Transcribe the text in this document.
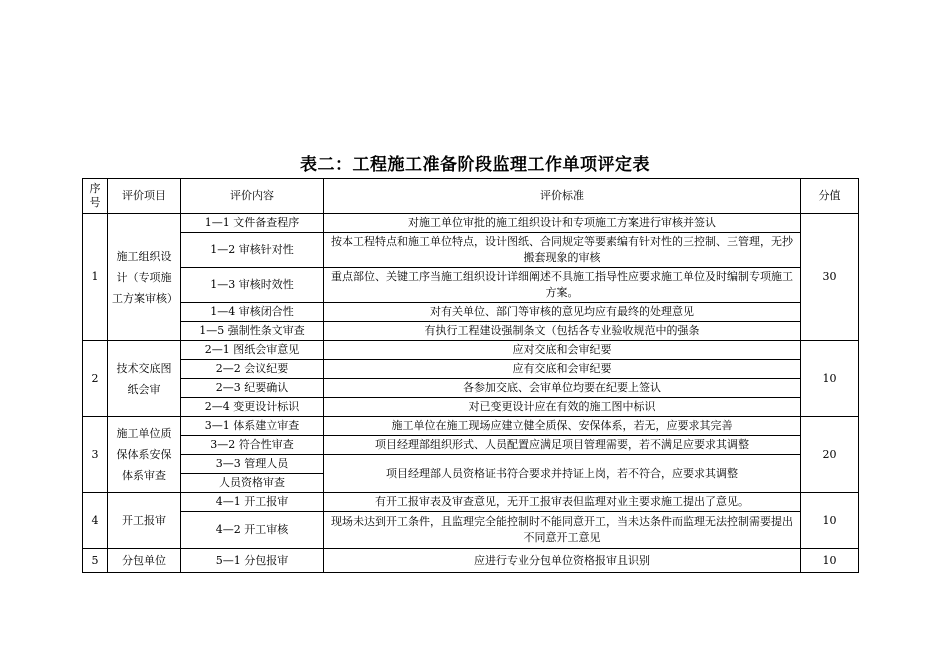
表二：工程施工准备阶段监理工作单项评定表
序号	评价项目	评价内容	评价标准	分值
1	施工组织设计（专项施工方案审核）	1—1 文件备查程序	对施工单位审批的施工组织设计和专项施工方案进行审核并签认	30
		1—2 审核针对性	按本工程特点和施工单位特点，设计图纸、合同规定等要素编有针对性的三控制、三管理，无抄搬套现象的审核	
		1—3 审核时效性	重点部位、关键工序当施工组织设计详细阐述不具施工指导性应要求施工单位及时编制专项施工方案。	
		1—4 审核闭合性	对有关单位、部门等审核的意见均应有最终的处理意见	
		1—5 强制性条文审查	有执行工程建设强制条文（包括各专业验收规范中的强条	
2	技术交底图纸会审	2—1 图纸会审意见	应对交底和会审纪要	10
		2—2 会议纪要	应有交底和会审纪要	
		2—3 纪要确认	各参加交底、会审单位均要在纪要上签认	
		2—4 变更设计标识	对已变更设计应在有效的施工图中标识	
3	施工单位质保体系安保体系审查	3—1 体系建立审查	施工单位在施工现场应建立健全质保、安保体系，若无，应要求其完善	20
		3—2 符合性审查	项目经理部组织形式、人员配置应满足项目管理需要，若不满足应要求其调整	
		3—3 管理人员	项目经理部人员资格证书符合要求并持证上岗，若不符合，应要求其调整	
		人员资格审查		
4	开工报审	4—1 开工报审	有开工报审表及审查意见，无开工报审表但监理对业主要求施工提出了意见。	10
		4—2 开工审核	现场未达到开工条件，且监理完全能控制时不能同意开工，当未达条件而监理无法控制需要提出不同意开工意见	
5	分包单位	5—1 分包报审	应进行专业分包单位资格报审且识别	10
